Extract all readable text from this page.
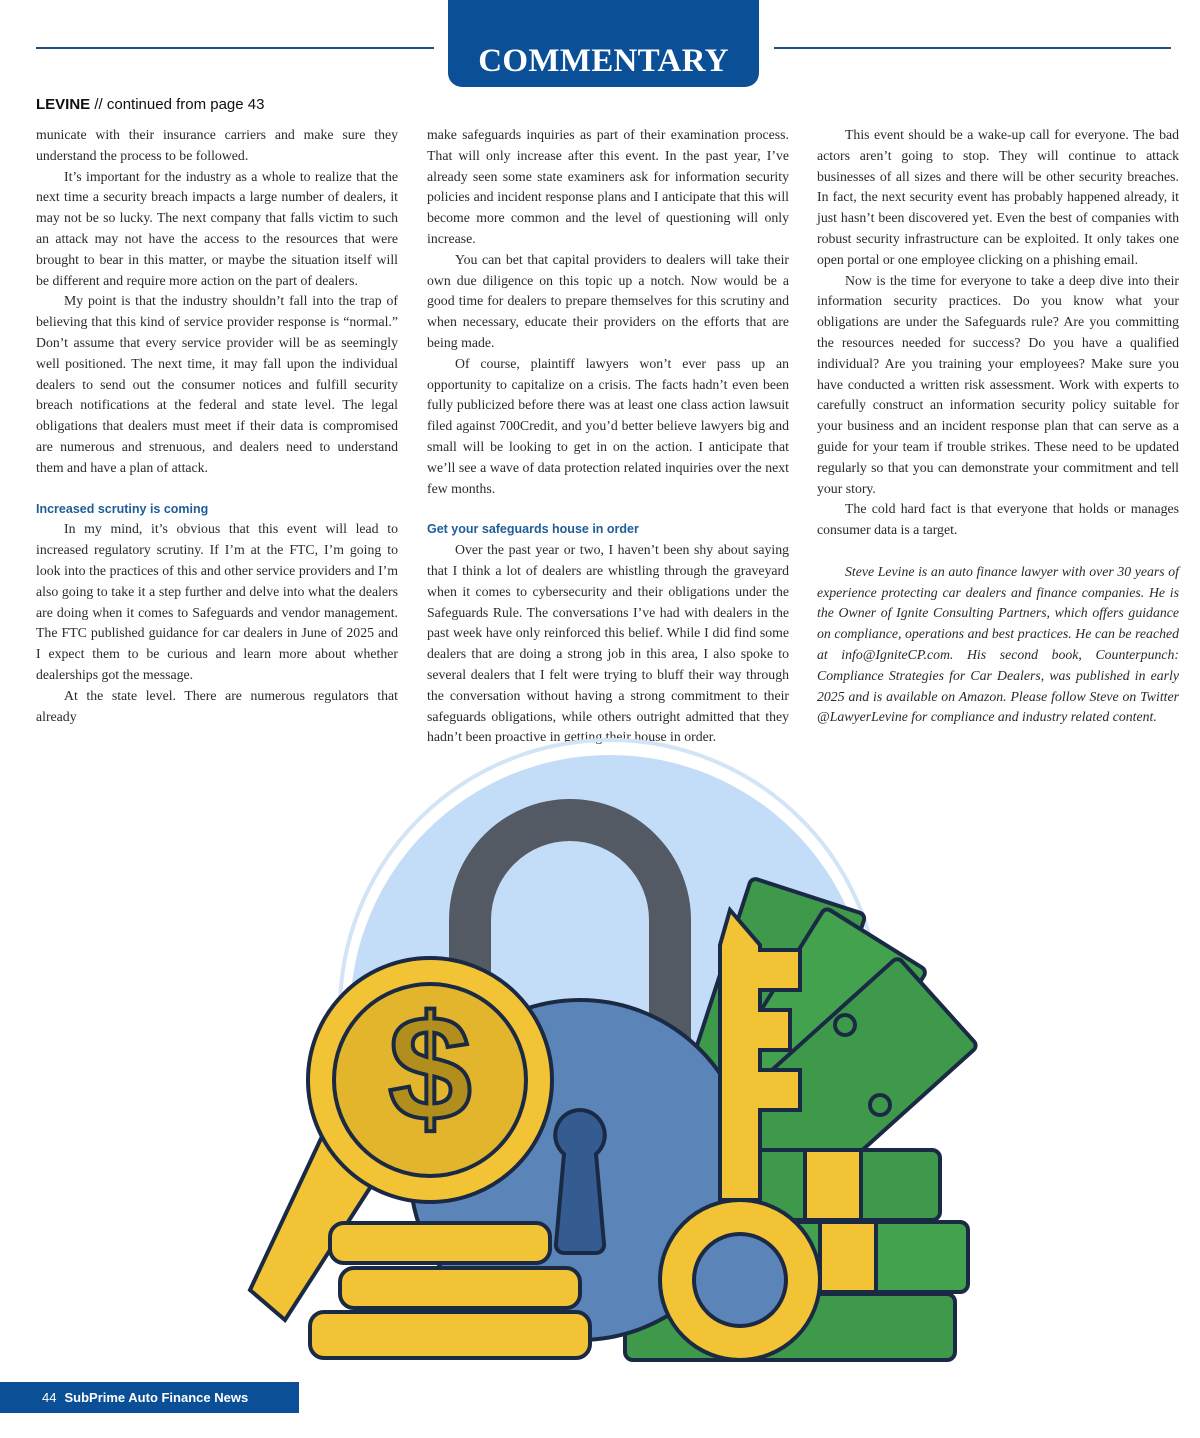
COMMENTARY
LEVINE // continued from page 43

municate with their insurance carriers and make sure they understand the process to be followed.

It’s important for the industry as a whole to realize that the next time a security breach impacts a large number of dealers, it may not be so lucky. The next company that falls victim to such an attack may not have the access to the resources that were brought to bear in this matter, or maybe the situation itself will be different and require more action on the part of dealers.

My point is that the industry shouldn’t fall into the trap of believing that this kind of service provider response is “normal.” Don’t assume that every service provider will be as seemingly well positioned. The next time, it may fall upon the individual dealers to send out the consumer notices and fulfill security breach notifications at the federal and state level. The legal obligations that dealers must meet if their data is compromised are numerous and strenuous, and dealers need to understand them and have a plan of attack.

Increased scrutiny is coming

In my mind, it’s obvious that this event will lead to increased regulatory scrutiny. If I’m at the FTC, I’m going to look into the practices of this and other service providers and I’m also going to take it a step further and delve into what the dealers are doing when it comes to Safeguards and vendor management. The FTC published guidance for car dealers in June of 2025 and I expect them to be curious and learn more about whether dealerships got the message.

At the state level. There are numerous regulators that already

make safeguards inquiries as part of their examination process. That will only increase after this event. In the past year, I’ve already seen some state examiners ask for information security policies and incident response plans and I anticipate that this will become more common and the level of questioning will only increase.

You can bet that capital providers to dealers will take their own due diligence on this topic up a notch. Now would be a good time for dealers to prepare themselves for this scrutiny and when necessary, educate their providers on the efforts that are being made.

Of course, plaintiff lawyers won’t ever pass up an opportunity to capitalize on a crisis. The facts hadn’t even been fully publicized before there was at least one class action lawsuit filed against 700Credit, and you’d better believe lawyers big and small will be looking to get in on the action. I anticipate that we’ll see a wave of data protection related inquiries over the next few months.

Get your safeguards house in order

Over the past year or two, I haven’t been shy about saying that I think a lot of dealers are whistling through the graveyard when it comes to cybersecurity and their obligations under the Safeguards Rule. The conversations I’ve had with dealers in the past week have only reinforced this belief. While I did find some dealers that are doing a strong job in this area, I also spoke to several dealers that I felt were trying to bluff their way through the conversation without having a strong commitment to their safeguards obligations, while others outright admitted that they hadn’t been proactive in getting their house in order.

This event should be a wake-up call for everyone. The bad actors aren’t going to stop. They will continue to attack businesses of all sizes and there will be other security breaches. In fact, the next security event has probably happened already, it just hasn’t been discovered yet. Even the best of companies with robust security infrastructure can be exploited. It only takes one open portal or one employee clicking on a phishing email.

Now is the time for everyone to take a deep dive into their information security practices. Do you know what your obligations are under the Safeguards rule? Are you committing the resources needed for success? Do you have a qualified individual? Are you training your employees? Make sure you have conducted a written risk assessment. Work with experts to carefully construct an information security policy suitable for your business and an incident response plan that can serve as a guide for your team if trouble strikes. These need to be updated regularly so that you can demonstrate your commitment and tell your story.

The cold hard fact is that everyone that holds or manages consumer data is a target.

Steve Levine is an auto finance lawyer with over 30 years of experience protecting car dealers and finance companies. He is the Owner of Ignite Consulting Partners, which offers guidance on compliance, operations and best practices. He can be reached at info@IgniteCP.com. His second book, Counterpunch: Compliance Strategies for Car Dealers, was published in early 2025 and is available on Amazon. Please follow Steve on Twitter @LawyerLevine for compliance and industry related content.

$
44 SubPrime Auto Finance News
